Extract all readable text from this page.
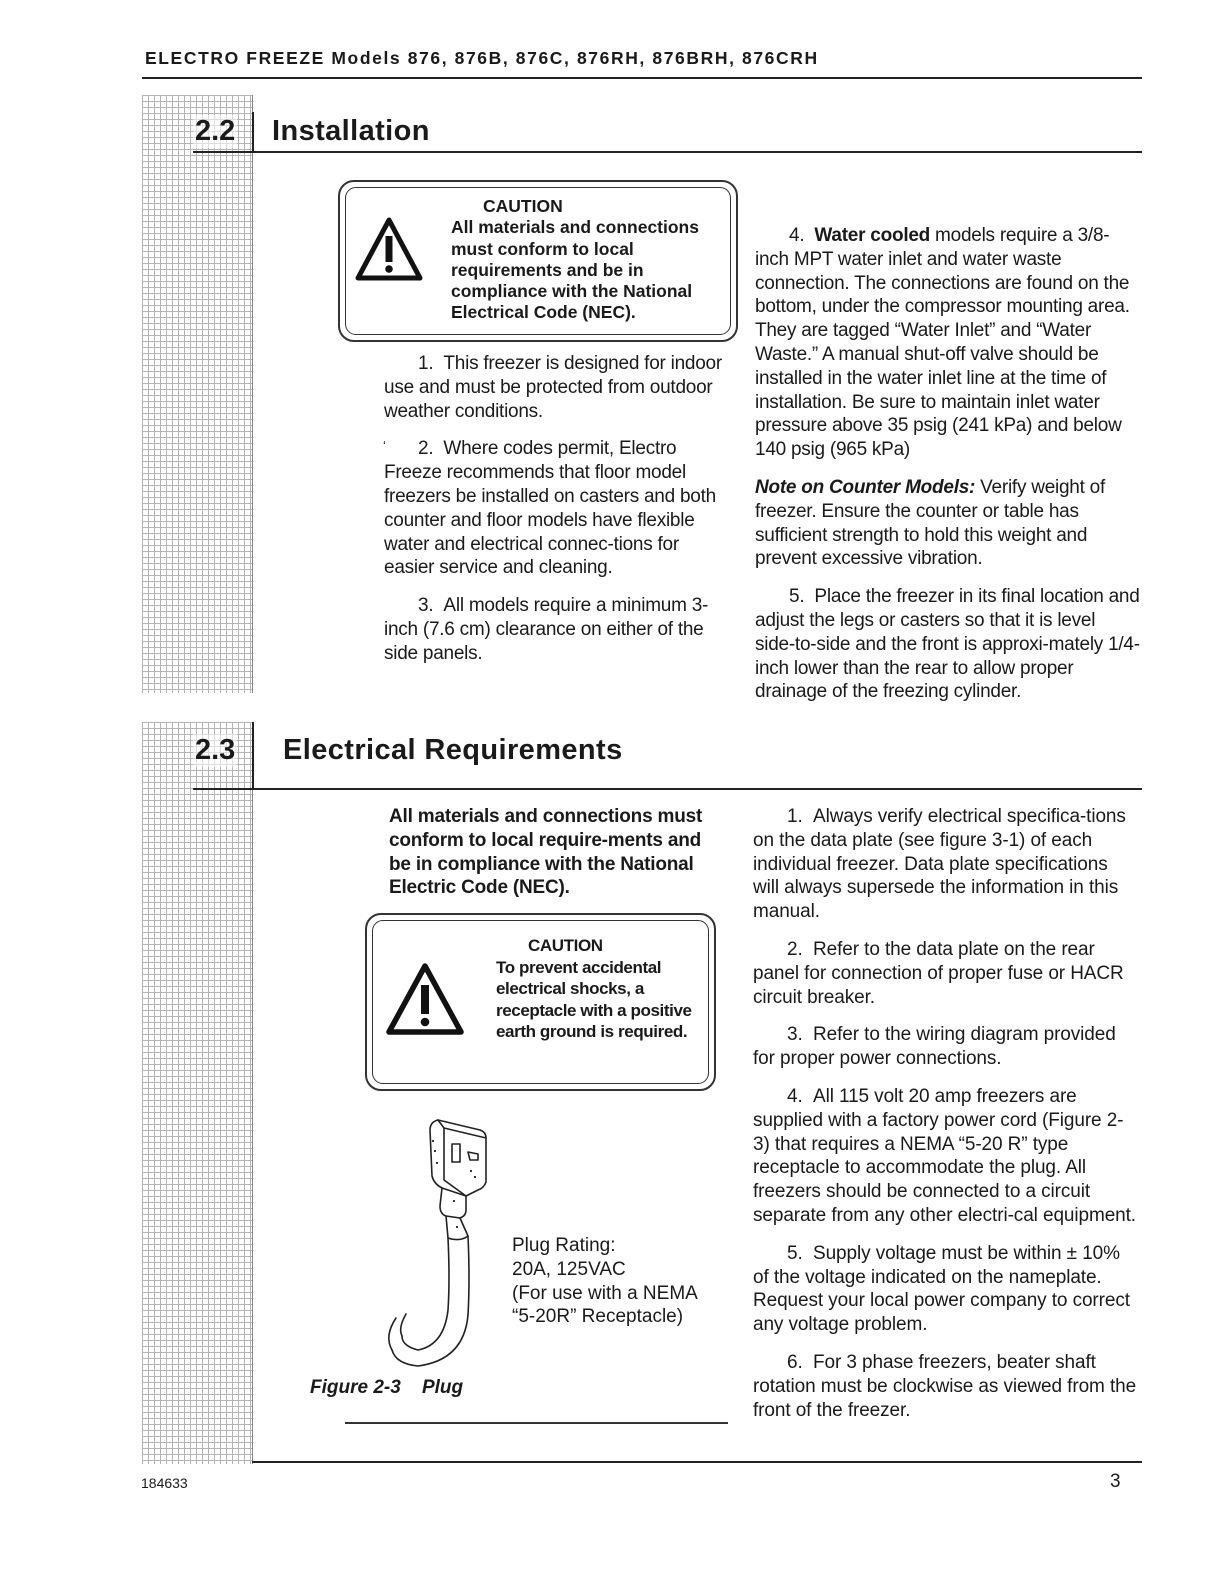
ELECTRO FREEZE Models 876, 876B, 876C, 876RH, 876BRH, 876CRH
2.2 Installation
CAUTION
All materials and connections must conform to local requirements and be in compliance with the National Electrical Code (NEC).
‘

1. This freezer is designed for indoor use and must be protected from outdoor weather conditions.

2. Where codes permit, Electro Freeze recommends that floor model freezers be installed on casters and both counter and floor models have flexible water and electrical connec-tions for easier service and cleaning.

3. All models require a minimum 3-inch (7.6 cm) clearance on either of the side panels.

4. Water cooled models require a 3/8-inch MPT water inlet and water waste connection. The connections are found on the bottom, under the compressor mounting area. They are tagged “Water Inlet” and “Water Waste.” A manual shut-off valve should be installed in the water inlet line at the time of installation. Be sure to maintain inlet water pressure above 35 psig (241 kPa) and below 140 psig (965 kPa)

Note on Counter Models: Verify weight of freezer. Ensure the counter or table has sufficient strength to hold this weight and prevent excessive vibration.

5. Place the freezer in its final location and adjust the legs or casters so that it is level side-to-side and the front is approxi-mately 1/4-inch lower than the rear to allow proper drainage of the freezing cylinder.

2.3 Electrical Requirements
All materials and connections must conform to local require-ments and be in compliance with the National Electric Code (NEC).
CAUTION
To prevent accidental electrical shocks, a receptacle with a positive earth ground is required.
Plug Rating:
20A, 125VAC
(For use with a NEMA
“5-20R” Receptacle)
Figure 2-3 Plug

1. Always verify electrical specifica-tions on the data plate (see figure 3-1) of each individual freezer. Data plate specifications will always supersede the information in this manual.

2. Refer to the data plate on the rear panel for connection of proper fuse or HACR circuit breaker.

3. Refer to the wiring diagram provided for proper power connections.

4. All 115 volt 20 amp freezers are supplied with a factory power cord (Figure 2-3) that requires a NEMA “5-20 R” type receptacle to accommodate the plug. All freezers should be connected to a circuit separate from any other electri-cal equipment.

5. Supply voltage must be within ± 10% of the voltage indicated on the nameplate. Request your local power company to correct any voltage problem.

6. For 3 phase freezers, beater shaft rotation must be clockwise as viewed from the front of the freezer.

184633	3
